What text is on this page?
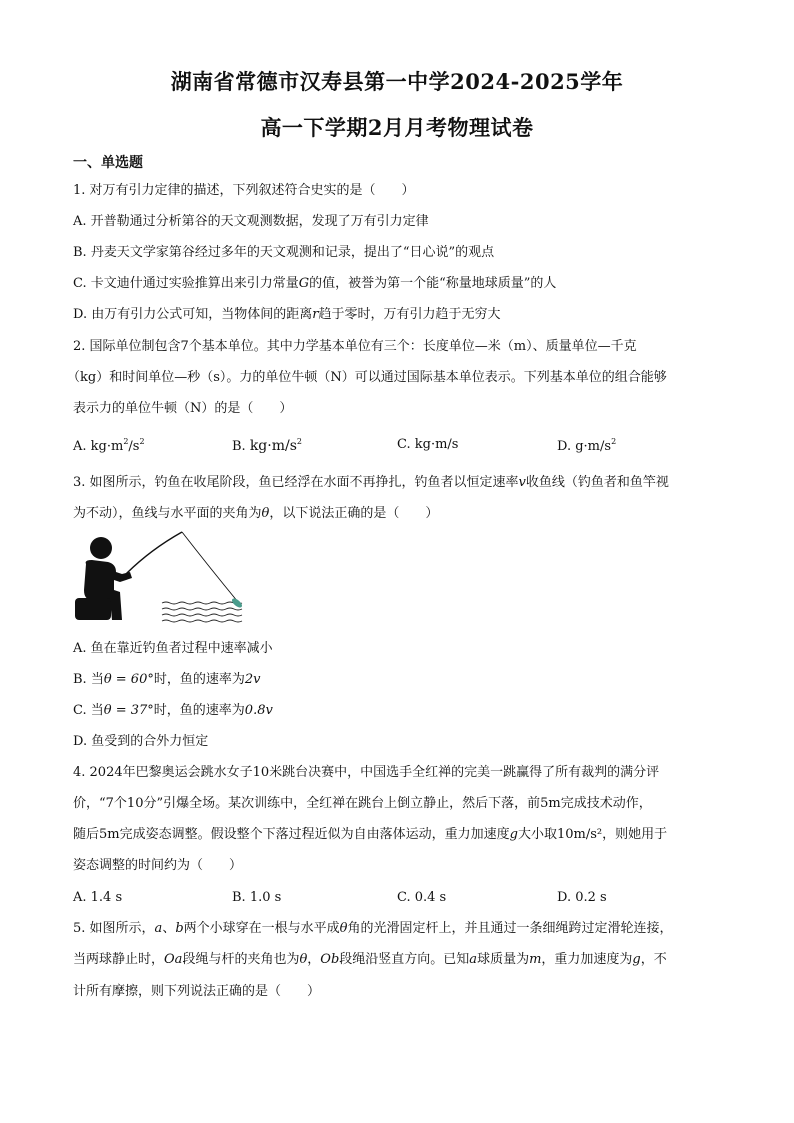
湖南省常德市汉寿县第一中学2024-2025学年
高一下学期2月月考物理试卷
一、单选题
1. 对万有引力定律的描述，下列叙述符合史实的是（　　）
A. 开普勒通过分析第谷的天文观测数据，发现了万有引力定律
B. 丹麦天文学家第谷经过多年的天文观测和记录，提出了“日心说”的观点
C. 卡文迪什通过实验推算出来引力常量G的值，被誉为第一个能“称量地球质量”的人
D. 由万有引力公式可知，当物体间的距离r趋于零时，万有引力趋于无穷大
2. 国际单位制包含7个基本单位。其中力学基本单位有三个：长度单位—米（m）、质量单位—千克
（kg）和时间单位—秒（s）。力的单位牛顿（N）可以通过国际基本单位表示。下列基本单位的组合能够
表示力的单位牛顿（N）的是（　　）
A. $kg\cdot m^2/s^2$	B. $kg\cdot m/s^2$	C. kg·m/s	D. $g\cdot m/s^2$
3. 如图所示，钓鱼在收尾阶段，鱼已经浮在水面不再挣扎，钓鱼者以恒定速率v收鱼线（钓鱼者和鱼竿视
为不动），鱼线与水平面的夹角为θ，以下说法正确的是（　　）
A. 鱼在靠近钓鱼者过程中速率减小
B. 当θ = 60°时，鱼的速率为2v
C. 当θ = 37°时，鱼的速率为0.8v
D. 鱼受到的合外力恒定
4. 2024年巴黎奥运会跳水女子10米跳台决赛中，中国选手全红禅的完美一跳赢得了所有裁判的满分评
价，“7个10分”引爆全场。某次训练中，全红禅在跳台上倒立静止，然后下落，前5m完成技术动作，
随后5m完成姿态调整。假设整个下落过程近似为自由落体运动，重力加速度g大小取10m/s²，则她用于
姿态调整的时间约为（　　）
A. 1.4 s	B. 1.0 s	C. 0.4 s	D. 0.2 s
5. 如图所示，a、b两个小球穿在一根与水平成θ角的光滑固定杆上，并且通过一条细绳跨过定滑轮连接，
当两球静止时，Oa段绳与杆的夹角也为θ，Ob段绳沿竖直方向。已知a球质量为m，重力加速度为g，不
计所有摩擦，则下列说法正确的是（　　）
